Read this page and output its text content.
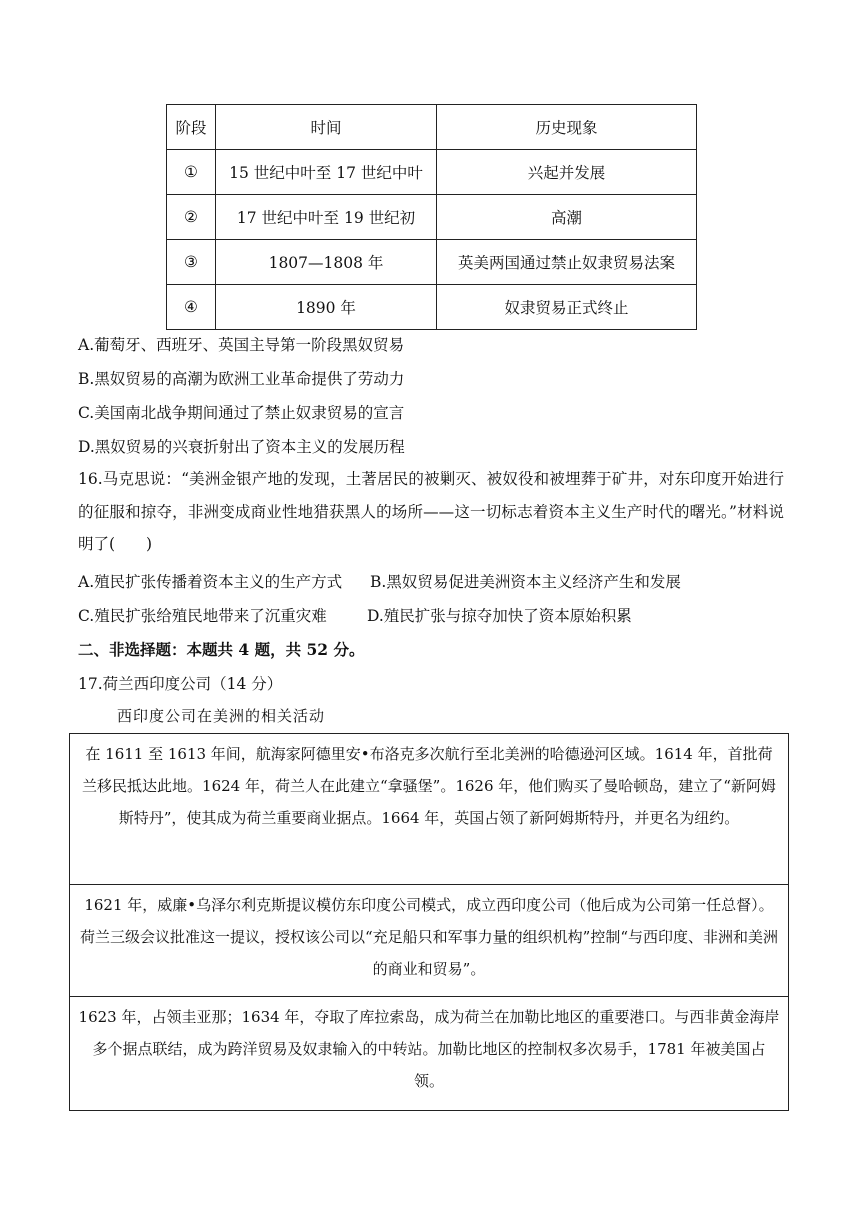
阶段	时间	历史现象
①	15 世纪中叶至 17 世纪中叶	兴起并发展
②	17 世纪中叶至 19 世纪初	高潮
③	1807—1808 年	英美两国通过禁止奴隶贸易法案
④	1890 年	奴隶贸易正式终止
A.葡萄牙、西班牙、英国主导第一阶段黑奴贸易
B.黑奴贸易的高潮为欧洲工业革命提供了劳动力
C.美国南北战争期间通过了禁止奴隶贸易的宣言
D.黑奴贸易的兴衰折射出了资本主义的发展历程
16.马克思说：“美洲金银产地的发现，土著居民的被剿灭、被奴役和被埋葬于矿井，对东印度开始进行的征服和掠夺，非洲变成商业性地猎获黑人的场所——这一切标志着资本主义生产时代的曙光。”材料说明了(　　)
A.殖民扩张传播着资本主义的生产方式 B.黑奴贸易促进美洲资本主义经济产生和发展
C.殖民扩张给殖民地带来了沉重灾难	D.殖民扩张与掠夺加快了资本原始积累
二、非选择题：本题共 4 题，共 52 分。
17.荷兰西印度公司（14 分）
西印度公司在美洲的相关活动

在 1611 至 1613 年间，航海家阿德里安•布洛克多次航行至北美洲的哈德逊河区域。1614 年，首批荷兰移民抵达此地。1624 年，荷兰人在此建立“拿骚堡”。1626 年，他们购买了曼哈顿岛，建立了“新阿姆斯特丹”，使其成为荷兰重要商业据点。1664 年，英国占领了新阿姆斯特丹，并更名为纽约。

1621 年，威廉•乌泽尔利克斯提议模仿东印度公司模式，成立西印度公司（他后成为公司第一任总督）。荷兰三级会议批准这一提议，授权该公司以“充足船只和军事力量的组织机构”控制“与西印度、非洲和美洲的商业和贸易”。

1623 年，占领圭亚那；1634 年，夺取了库拉索岛，成为荷兰在加勒比地区的重要港口。与西非黄金海岸多个据点联结，成为跨洋贸易及奴隶输入的中转站。加勒比地区的控制权多次易手，1781 年被美国占领。
